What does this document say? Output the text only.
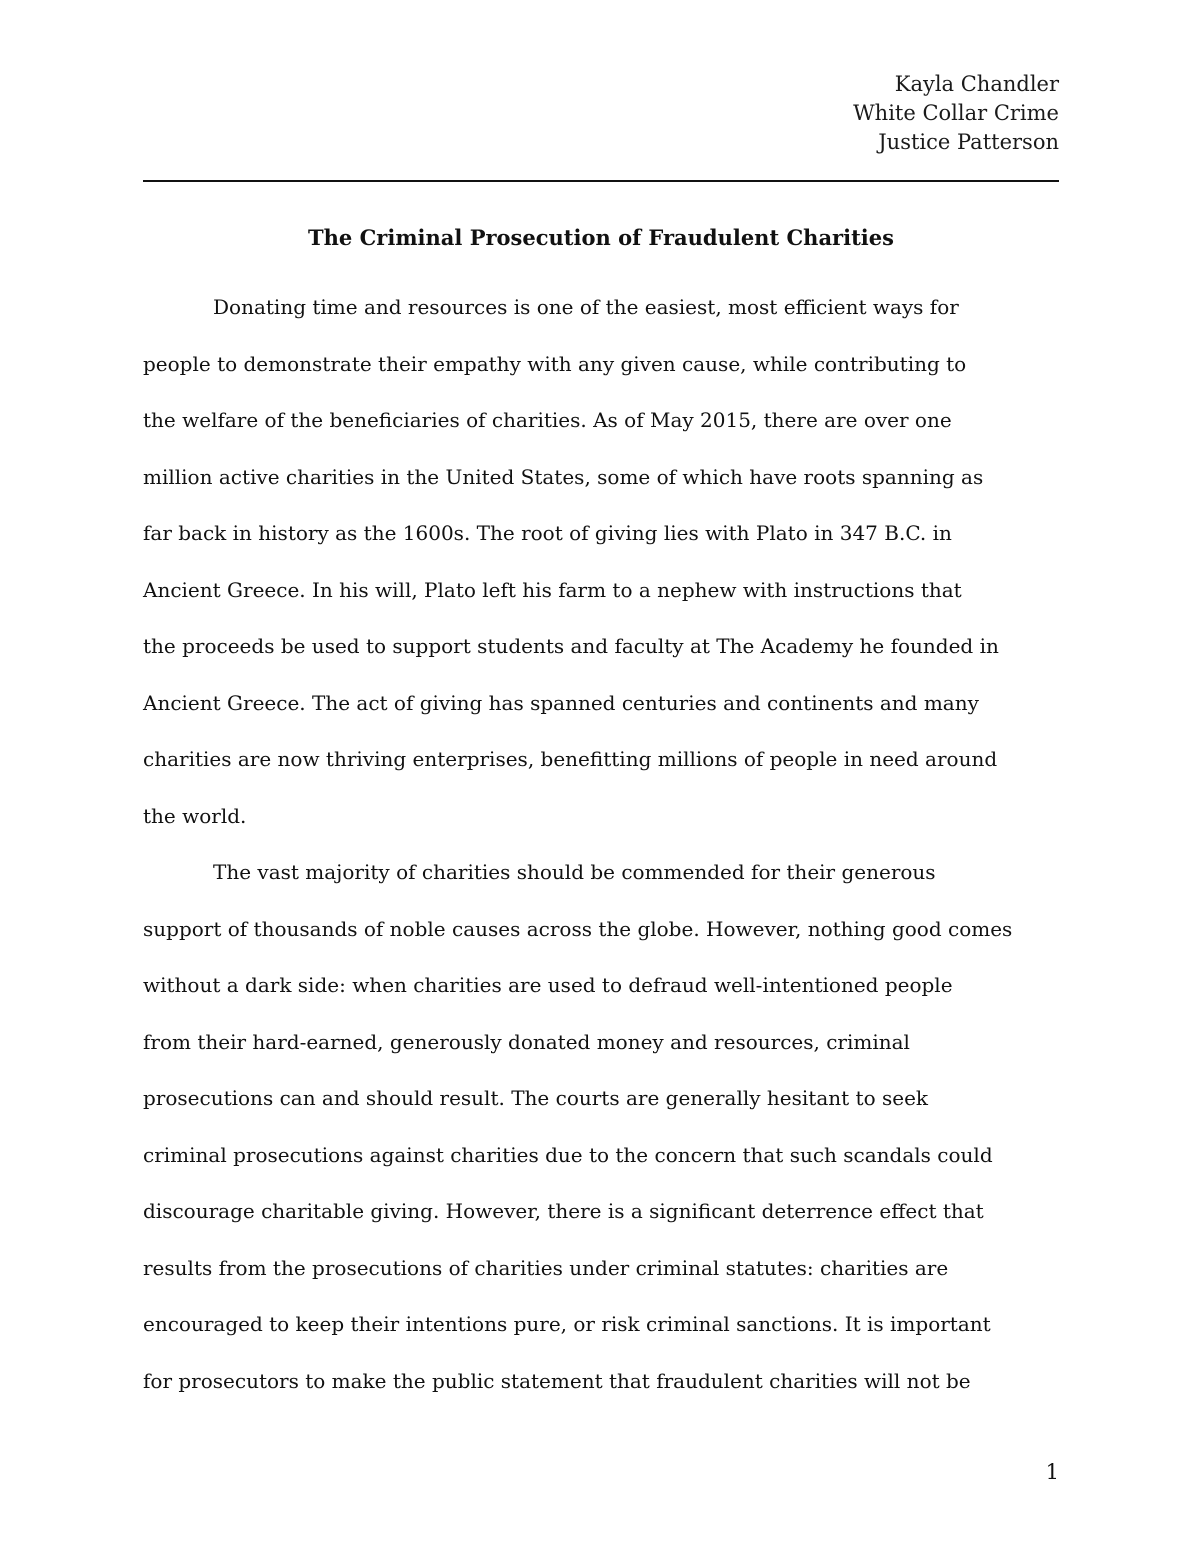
Kayla Chandler
White Collar Crime
Justice Patterson
The Criminal Prosecution of Fraudulent Charities
Donating time and resources is one of the easiest, most efficient ways for
people to demonstrate their empathy with any given cause, while contributing to
the welfare of the beneficiaries of charities. As of May 2015, there are over one
million active charities in the United States, some of which have roots spanning as
far back in history as the 1600s. The root of giving lies with Plato in 347 B.C. in
Ancient Greece. In his will, Plato left his farm to a nephew with instructions that
the proceeds be used to support students and faculty at The Academy he founded in
Ancient Greece. The act of giving has spanned centuries and continents and many
charities are now thriving enterprises, benefitting millions of people in need around
the world.
The vast majority of charities should be commended for their generous
support of thousands of noble causes across the globe. However, nothing good comes
without a dark side: when charities are used to defraud well-intentioned people
from their hard-earned, generously donated money and resources, criminal
prosecutions can and should result. The courts are generally hesitant to seek
criminal prosecutions against charities due to the concern that such scandals could
discourage charitable giving. However, there is a significant deterrence effect that
results from the prosecutions of charities under criminal statutes: charities are
encouraged to keep their intentions pure, or risk criminal sanctions. It is important
for prosecutors to make the public statement that fraudulent charities will not be
1
